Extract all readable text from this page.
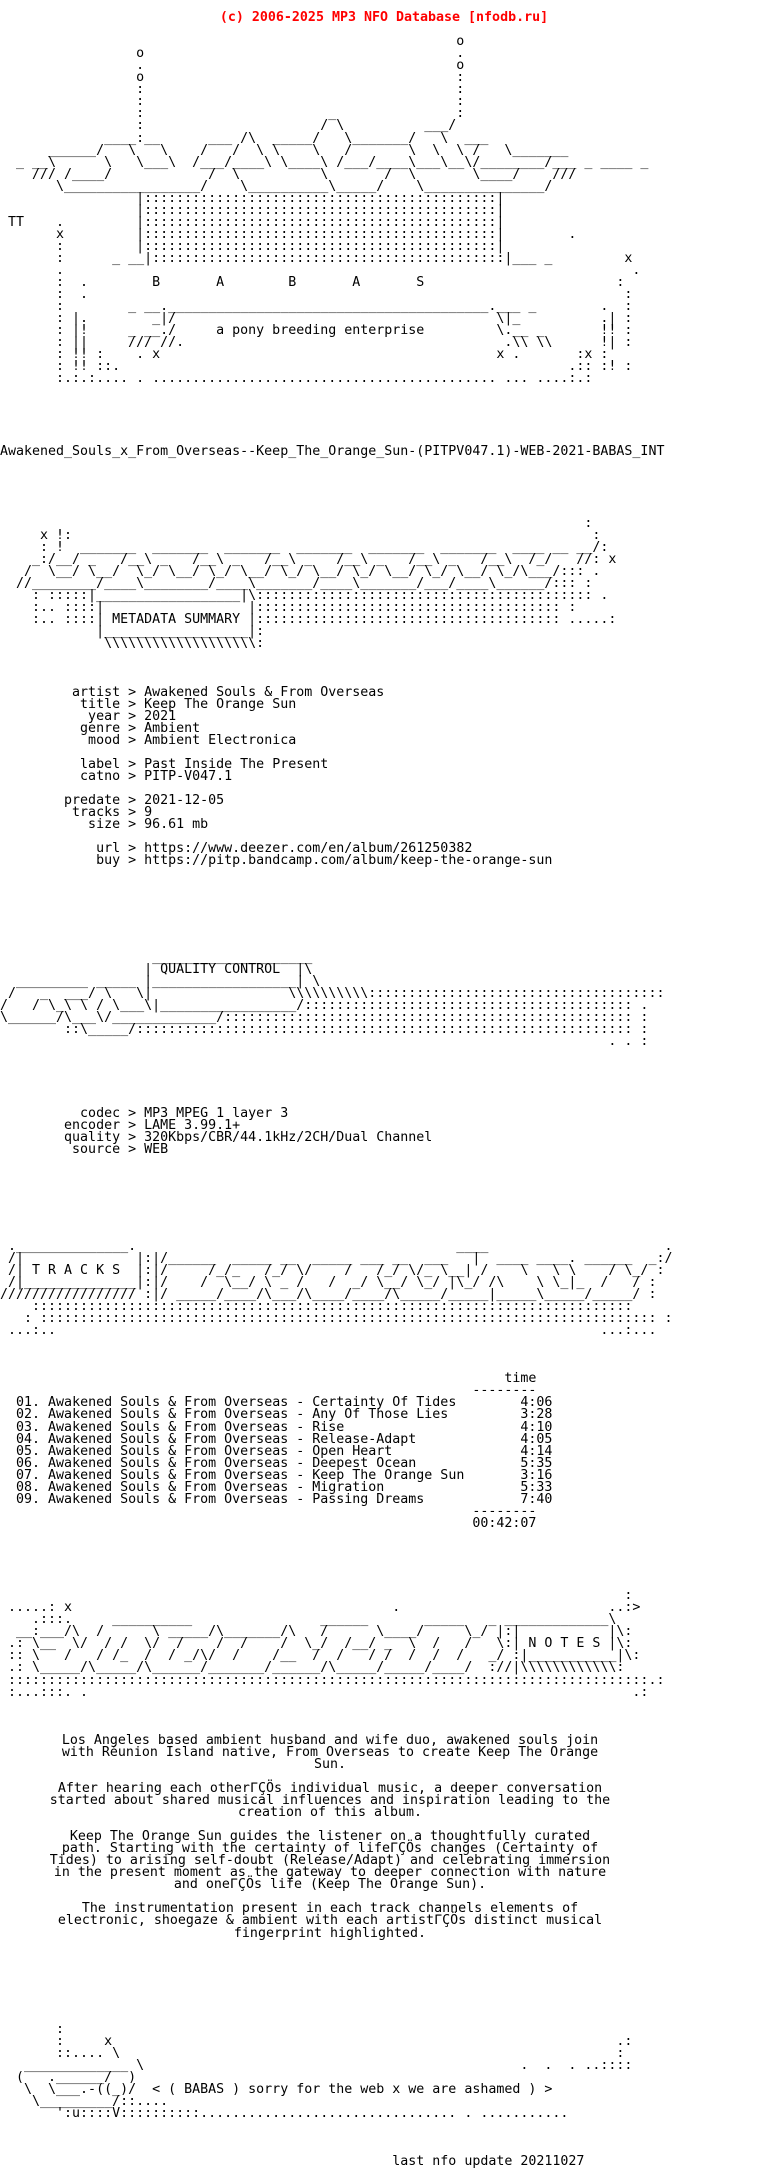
(c) 2006-2025 MP3 NFO Database [nfodb.ru]

o
o                                       .
.                                       o
o                                       :
:                                       :
:                                       :
:                       _               :
:                      / \          ___/
____:__      ___ /\  _____/   \_______/   \  ___
______/   \   \    /   /  \ \    \   /       \  \  \ /   \_______
_ __\      \   \___\  /___/____\ \____\ /___/____\___\__\/________/___ _ ____ _
/// /____/            /  \          \       /  \       \____/    ///
\_________________/    \__________\_____/    \_______________/
|::::::::::::::::::::::::::::::::::::::::::::|
|::::::::::::::::::::::::::::::::::::::::::::|
TT    .         |::::::::::::::::::::::::::::::::::::::::::::|
x         |::::::::::::::::::::::::::::::::::::::::::::|        .
:         |::::::::::::::::::::::::::::::::::::::::::::|
:      _ __|::::::::::::::::::::::::::::::::::::::::::::|___ _         x
.                                                                       .
:  .        B       A        B       A       S                        :
:  .                                                                   :
:        _ __.________________________________________.___ _        .  :
: |.        _|/                                        \|_          .| :
: |!     _ __./     a pony breeding enterprise         \.__ _       !! :
: ||     /// //.                                        .\\ \\      !| :
: !! :    . x                                          x .       :x :
: !! ::.                                                        .:: :! :
:.:.:.... . ........................................... ... ....:.:

Awakened_Souls_x_From_Overseas--Keep_The_Orange_Sun-(PITPV047.1)-WEB-2021-BABAS_INT

:
x !:                                                                 :
: !  _______  _______  _______  _______  _______  _______  ____ __ __/:
_:/__/ _   /__\ _   /__\ _   /__\ _   /__\ _   /__\ _   /__\  /_/   //: x
/  \__/ \__/  \_/ \__/ \_/ \__/ \_/ \__/ \_/ \__/ \_/ \__/ \_/\___/::: .
//________/____\________/____\_______/____\_______/___/____\______/::: :
: :::::|__________________|\:::::::::::::::::::::::::::::::::::::::::: .
:.. ::::|                  |:::::::::::::::::::::::::::::::::::::: :
:.. ::::| METADATA SUMMARY |:::::::::::::::::::::::::::::::::::::: .....:
|__________________|:
\\\\\\\\\\\\\\\\\\\:

artist > Awakened Souls & From Overseas
title > Keep The Orange Sun
year > 2021
genre > Ambient
mood > Ambient Electronica

label > Past Inside The Present
catno > PITP-V047.1

predate > 2021-12-05
tracks > 9
size > 96.61 mb

url > https://www.deezer.com/en/album/261250382
buy > https://pitp.bandcamp.com/album/keep-the-orange-sun

____________________
| QUALITY CONTROL  |\
_________ _____ |__________________| \
/   _  ___/ \   \|                 \\\\\\\\\\:::::::::::::::::::::::::::::::::::::
/   / \_\ \ / \___\|_________________/::::::::::::::::::::::::::::::::::::::::: .
\______/\___\/_____________/::::::::::::::::::::::::::::::::::::::::::::::::::: :
::\_____/:::::::::::::::::::::::::::::::::::::::::::::::::::::::::::::: :
. . :

codec > MP3 MPEG 1 layer 3
encoder > LAME 3.99.1+
quality > 320Kbps/CBR/44.1kHz/2CH/Dual Channel
source > WEB

.______________.                                        ____                      .
/|              |:|/______  _____ __  _____ ___ __  ___   |  ____ ____. ______  _:/
/| T R A C K S  |:|/     /_/_   /_/ \/    /   /_/ \/_ \__| /    \   \ \    / \_/ :
/|______________|:|/    /  \__/ \ _ /   /  _/ \__/ \_/ |\_/ /\    \ \_|_  /   / :
///////////////// :|/ _____/____/\___/\____/____/\_____/_____|_____\_____/_____/ :
:::::::::::::::::::::::::::::::::::::::::::::::::::::::::::::::::::::::::::
: ::::::::::::::::::::::::::::::::::::::::::::::::::::::::::::::::::::::::::::: :
...:..                                                                    ...:...

time
--------
01. Awakened Souls & From Overseas - Certainty Of Tides        4:06
02. Awakened Souls & From Overseas - Any Of Those Lies         3:28
03. Awakened Souls & From Overseas - Rise                      4:10
04. Awakened Souls & From Overseas - Release-Adapt             4:05
05. Awakened Souls & From Overseas - Open Heart                4:14
06. Awakened Souls & From Overseas - Deepest Ocean             5:35
07. Awakened Souls & From Overseas - Keep The Orange Sun       3:16
08. Awakened Souls & From Overseas - Migration                 5:33
09. Awakened Souls & From Overseas - Passing Dreams            7:40
--------
00:42:07

:
.....: x                                        .                          ..:>
.:::.     __________                ______       _____   _ _____________\
__:___/\  /      \ _____/\_______/\   /      \____/     \_/ |:|           |\:
.: \__  \/  / /  \/  /    /  /    /  \_/  /__/ _  \  /   /   \:| N O T E S |\:
:: \   /   / /_  /  / _/\/  /    /__  /  /   / /  /  /  /   _/ :|___________|\:
.: \_____/\_____/\______/_______/______/\_____/_____/____/  ://|\\\\\\\\\\\\:
::::::::::::::::::::::::::::::::::::::::::::::::::::::::::::::::::::::::::::::::.:
:...:::. .                                                                    .:

Los Angeles based ambient husband and wife duo, awakened souls join
with Réunion Island native, From Overseas to create Keep The Orange
Sun.

After hearing each otherΓÇÖs individual music, a deeper conversation
started about shared musical influences and inspiration leading to the
creation of this album.

Keep The Orange Sun guides the listener on a thoughtfully curated
path. Starting with the certainty of lifeΓÇÖs changes (Certainty of
Tides) to arising self-doubt (Release/Adapt) and celebrating immersion
in the present moment as the gateway to deeper connection with nature
and oneΓÇÖs life (Keep The Orange Sun).

The instrumentation present in each track channels elements of
electronic, shoegaze & ambient with each artistΓÇÖs distinct musical
fingerprint highlighted.

:
:     x                                                               .:
::.... \                                                              :
_____________ \                                               .  .  . ..::::
(   .______/  )
\  \___.-((_)/  < ( BABAS ) sorry for the web x we are ashamed ) >
\_________/::....
':u::::V::::::::::................................ . ...........

last nfo update 20211027
